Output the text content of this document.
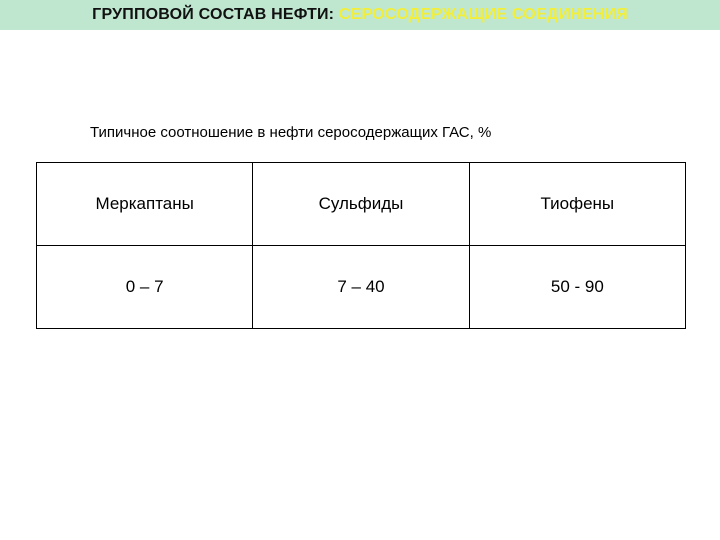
ГРУППОВОЙ СОСТАВ НЕФТИ: СЕРОСОДЕРЖАЩИЕ СОЕДИНЕНИЯ
Типичное соотношение в нефти серосодержащих ГАС, %
Меркаптаны	Сульфиды	Тиофены
0 – 7	7 – 40	50 - 90
